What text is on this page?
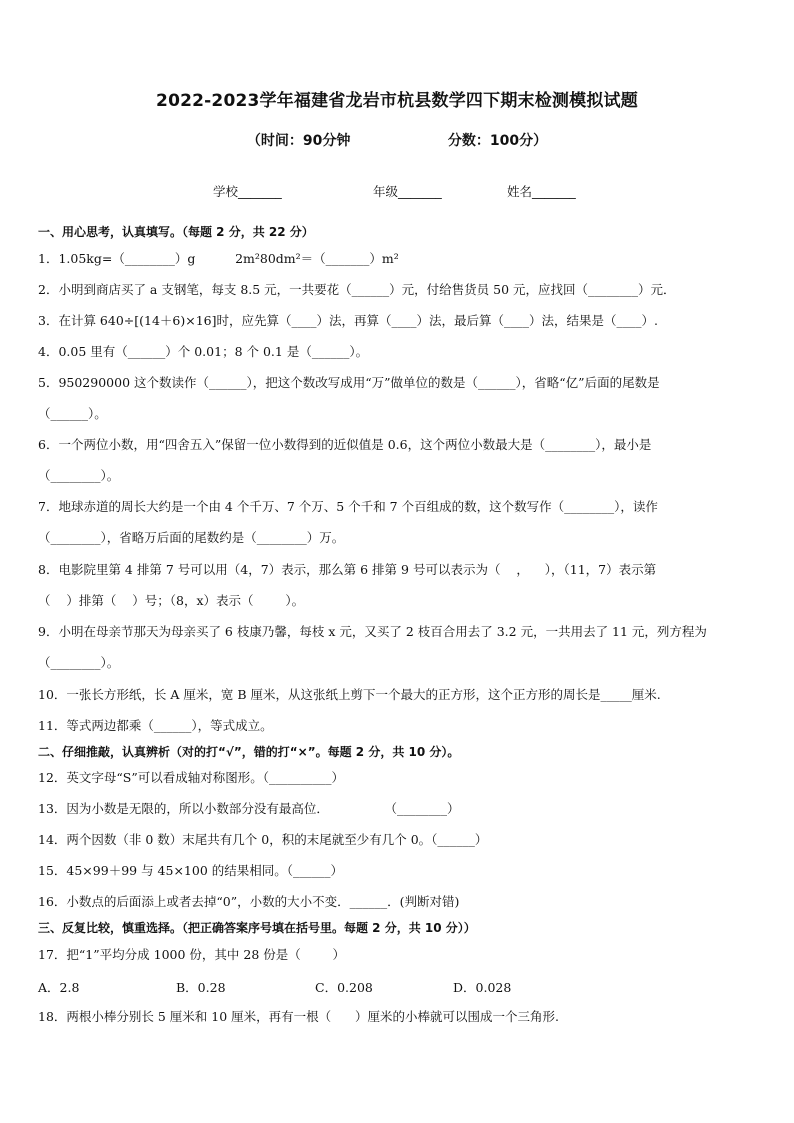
2022-2023学年福建省龙岩市杭县数学四下期末检测模拟试题
（时间：90分钟                    分数：100分）
学校_______	年级_______	姓名_______
一、用心思考，认真填写。（每题 2 分，共 22 分）
1．1.05kg=（________）g          2m²80dm²＝（_______）m²
2．小明到商店买了 a 支钢笔，每支 8.5 元，一共要花（______）元，付给售货员 50 元，应找回（________）元．
3．在计算 640÷[(14＋6)×16]时，应先算（____）法，再算（____）法，最后算（____）法，结果是（____）.
4．0.05 里有（______）个 0.01；8 个 0.1 是（______）。
5．950290000 这个数读作（______），把这个数改写成用“万”做单位的数是（______），省略“亿”后面的尾数是
（______）。
6．一个两位小数，用“四舍五入”保留一位小数得到的近似值是 0.6，这个两位小数最大是（________），最小是
（________）。
7．地球赤道的周长大约是一个由 4 个千万、7 个万、5 个千和 7 个百组成的数，这个数写作（________），读作
（________），省略万后面的尾数约是（________）万。
8．电影院里第 4 排第 7 号可以用（4，7）表示，那么第 6 排第 9 号可以表示为（    ，    ），（11，7）表示第
（    ）排第（    ）号；（8，x）表示（        ）。
9．小明在母亲节那天为母亲买了 6 枝康乃馨，每枝 x 元，又买了 2 枝百合用去了 3.2 元，一共用去了 11 元，列方程为
（________）。
10．一张长方形纸，长 A 厘米，宽 B 厘米，从这张纸上剪下一个最大的正方形，这个正方形的周长是_____厘米.
11．等式两边都乘（______），等式成立。
二、仔细推敲，认真辨析（对的打“√”，错的打“×”。每题 2 分，共 10 分）。
12．英文字母“S”可以看成轴对称图形。（__________）
13．因为小数是无限的，所以小数部分没有最高位．              （________）
14．两个因数（非 0 数）末尾共有几个 0，积的末尾就至少有几个 0。（______）
15．45×99＋99 与 45×100 的结果相同。（______）
16．小数点的后面添上或者去掉“0”，小数的大小不变．______．(判断对错)
三、反复比较，慎重选择。（把正确答案序号填在括号里。每题 2 分，共 10 分））
17．把“1”平均分成 1000 份，其中 28 份是（        ）
A．2.8	B．0.28	C．0.208	D．0.028
18．两根小棒分别长 5 厘米和 10 厘米，再有一根（      ）厘米的小棒就可以围成一个三角形.
